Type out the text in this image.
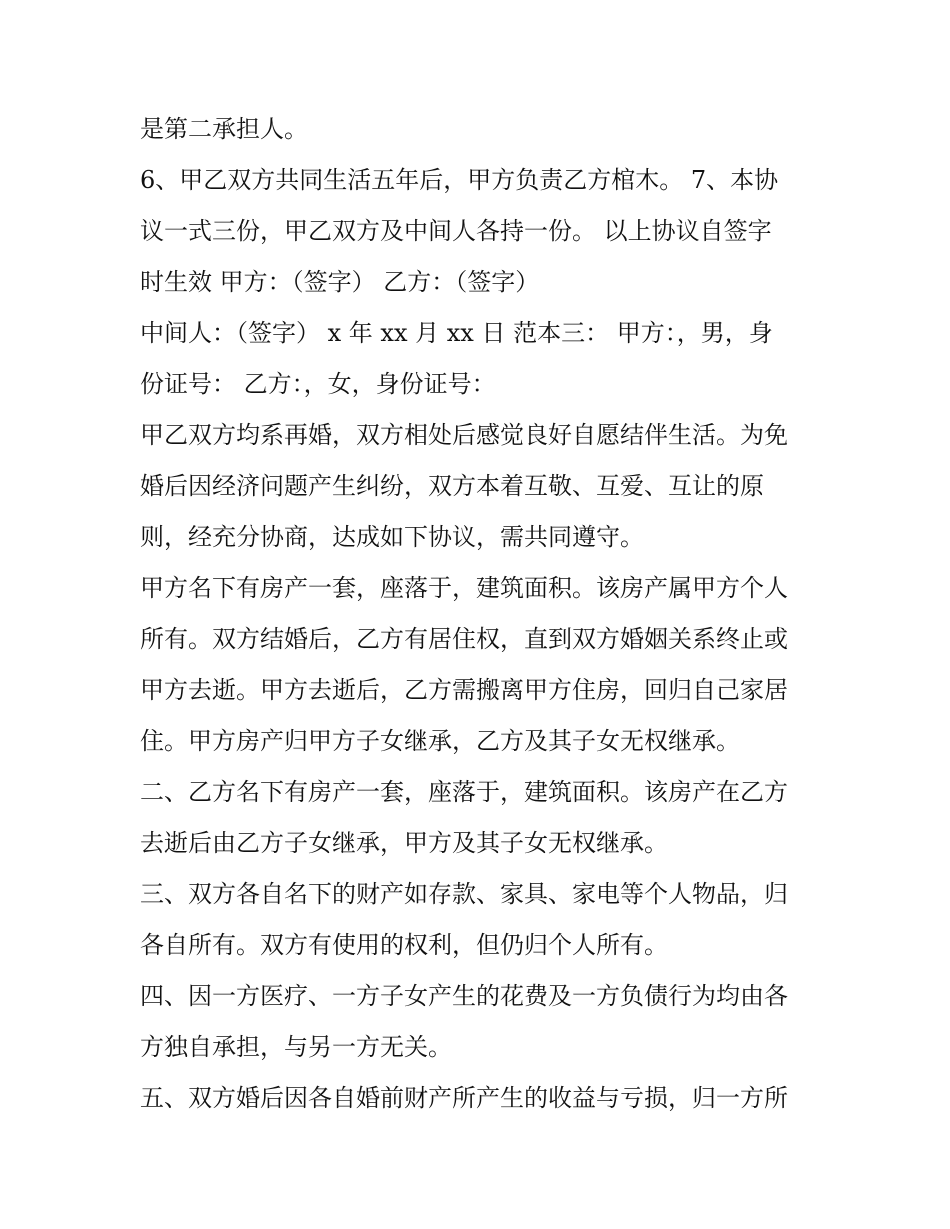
是第二承担人。
6、甲乙双方共同生活五年后，甲方负责乙方棺木。 7、本协
议一式三份，甲乙双方及中间人各持一份。 以上协议自签字
时生效 甲方：（签字） 乙方：（签字）
中间人：（签字） x 年 xx 月 xx 日 范本三： 甲方：，男，身
份证号： 乙方：，女，身份证号：
甲乙双方均系再婚，双方相处后感觉良好自愿结伴生活。为免
婚后因经济问题产生纠纷，双方本着互敬、互爱、互让的原
则，经充分协商，达成如下协议，需共同遵守。
甲方名下有房产一套，座落于，建筑面积。该房产属甲方个人
所有。双方结婚后，乙方有居住权，直到双方婚姻关系终止或
甲方去逝。甲方去逝后，乙方需搬离甲方住房，回归自己家居
住。甲方房产归甲方子女继承，乙方及其子女无权继承。
二、乙方名下有房产一套，座落于，建筑面积。该房产在乙方
去逝后由乙方子女继承，甲方及其子女无权继承。
三、双方各自名下的财产如存款、家具、家电等个人物品，归
各自所有。双方有使用的权利，但仍归个人所有。
四、因一方医疗、一方子女产生的花费及一方负债行为均由各
方独自承担，与另一方无关。
五、双方婚后因各自婚前财产所产生的收益与亏损，归一方所
